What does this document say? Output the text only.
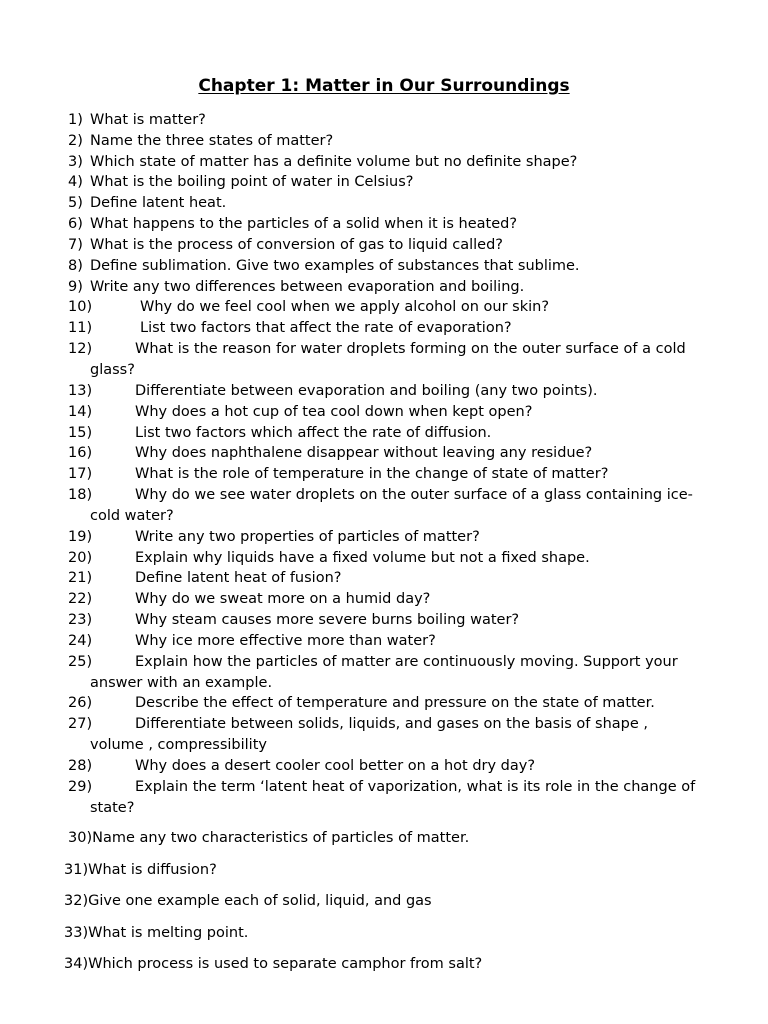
Chapter 1: Matter in Our Surroundings
1) What is matter?
2) Name the three states of matter?
3) Which state of matter has a definite volume but no definite shape?
4) What is the boiling point of water in Celsius?
5) Define latent heat.
6) What happens to the particles of a solid when it is heated?
7) What is the process of conversion of gas to liquid called?
8) Define sublimation. Give two examples of substances that sublime.
9) Write any two differences between evaporation and boiling.
10)	Why do we feel cool when we apply alcohol on our skin?
11)	List two factors that affect the rate of evaporation?
12)	What is the reason for water droplets forming on the outer surface of a cold
glass?
13)	Differentiate between evaporation and boiling (any two points).
14)	Why does a hot cup of tea cool down when kept open?
15)	List two factors which affect the rate of diffusion.
16)	Why does naphthalene disappear without leaving any residue?
17)	What is the role of temperature in the change of state of matter?
18)	Why do we see water droplets on the outer surface of a glass containing ice-
cold water?
19)	Write any two properties of particles of matter?
20)	Explain why liquids have a fixed volume but not a fixed shape.
21)	Define latent heat of fusion?
22)	Why do we sweat more on a humid day?
23)	Why steam causes more severe burns boiling water?
24)	Why ice more effective more than water?
25)	Explain how the particles of matter are continuously moving. Support your
answer with an example.
26)	Describe the effect of temperature and pressure on the state of matter.
27)	Differentiate between solids, liquids, and gases on the basis of shape ,
volume , compressibility
28)	Why does a desert cooler cool better on a hot dry day?
29)	Explain the term ‘latent heat of vaporization, what is its role in the change of
state?
30)Name any two characteristics of particles of matter.
31)What is diffusion?
32)Give one example each of solid, liquid, and gas
33)What is melting point.
34)Which process is used to separate camphor from salt?
